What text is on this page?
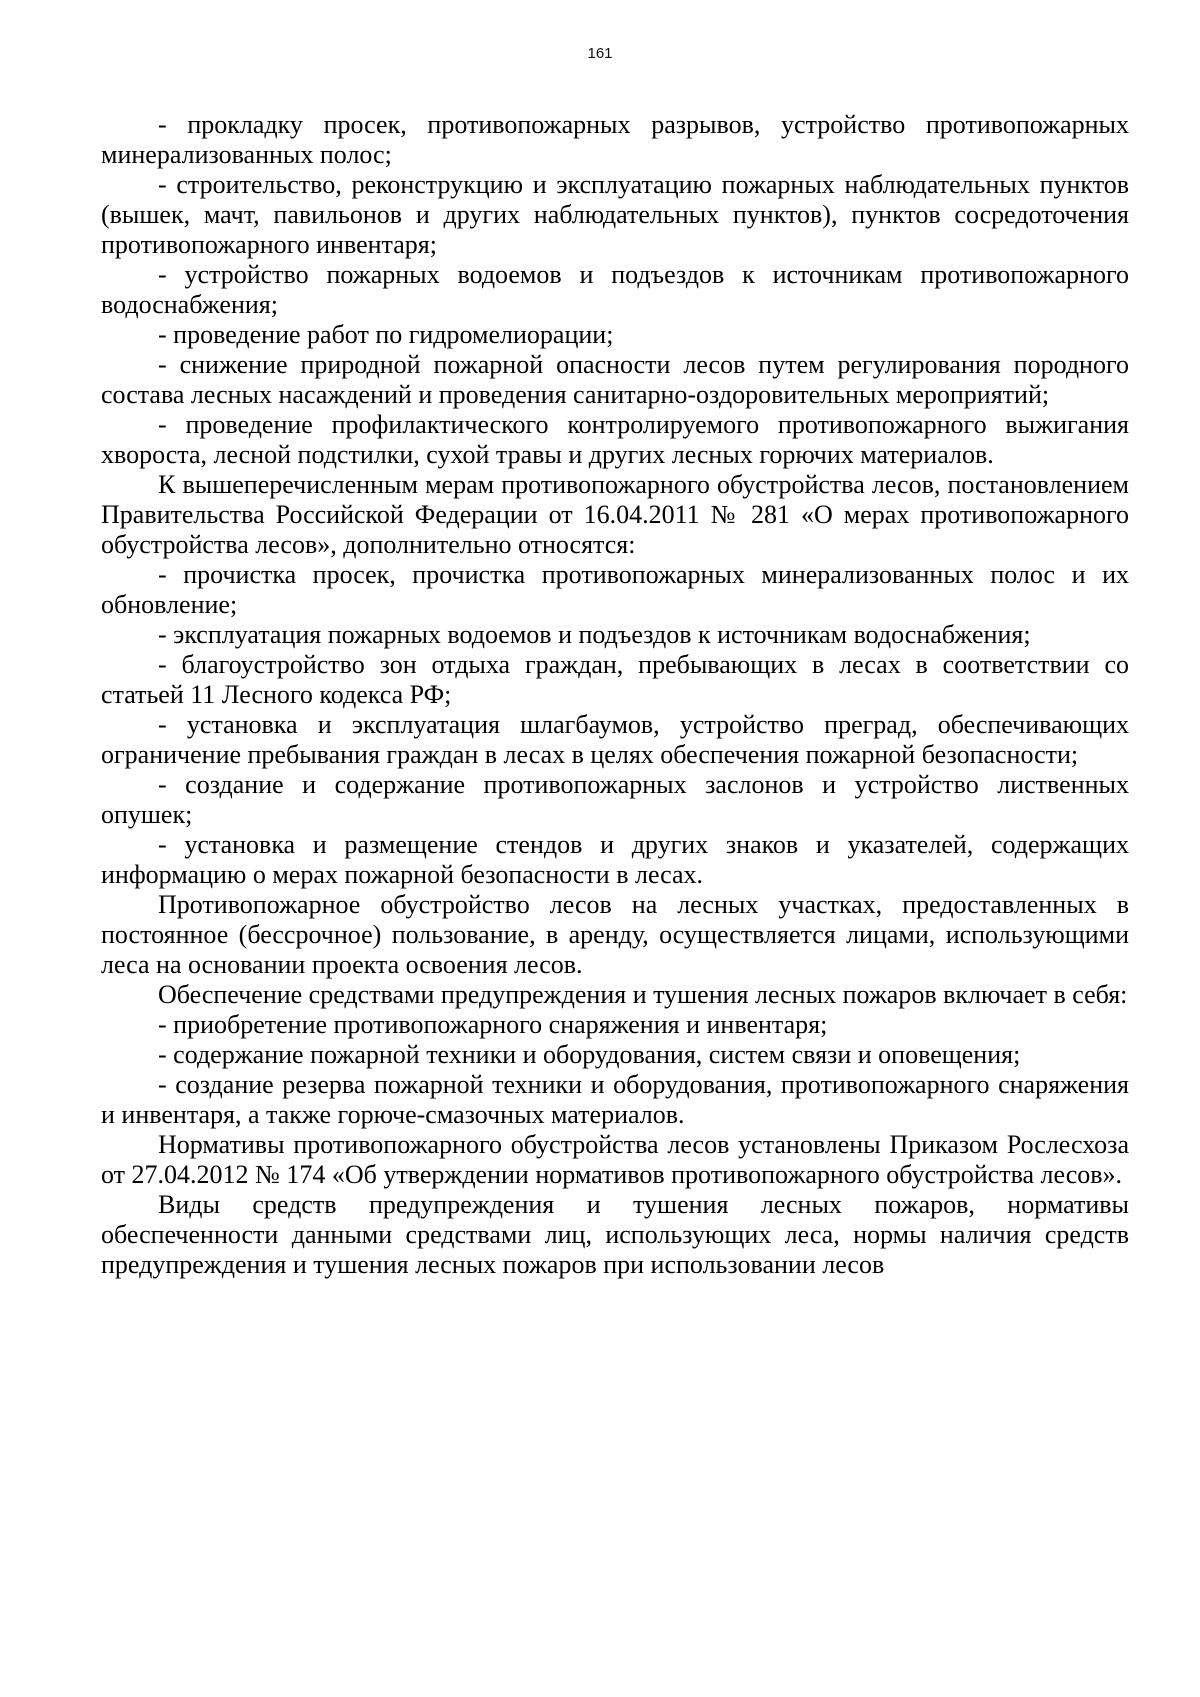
161

- прокладку просек, противопожарных разрывов, устройство противопожарных минерализованных полос;

- строительство, реконструкцию и эксплуатацию пожарных наблюдательных пунктов (вышек, мачт, павильонов и других наблюдательных пунктов), пунктов сосредоточения противопожарного инвентаря;

- устройство пожарных водоемов и подъездов к источникам противопожарного водоснабжения;

- проведение работ по гидромелиорации;

- снижение природной пожарной опасности лесов путем регулирования породного состава лесных насаждений и проведения санитарно-оздоровительных мероприятий;

- проведение профилактического контролируемого противопожарного выжигания хвороста, лесной подстилки, сухой травы и других лесных горючих материалов.

К вышеперечисленным мерам противопожарного обустройства лесов, постановлением Правительства Российской Федерации от 16.04.2011 № 281 «О мерах противопожарного обустройства лесов», дополнительно относятся:

- прочистка просек, прочистка противопожарных минерализованных полос и их обновление;

- эксплуатация пожарных водоемов и подъездов к источникам водоснабжения;

- благоустройство зон отдыха граждан, пребывающих в лесах в соответствии со статьей 11 Лесного кодекса РФ;

- установка и эксплуатация шлагбаумов, устройство преград, обеспечивающих ограничение пребывания граждан в лесах в целях обеспечения пожарной безопасности;

- создание и содержание противопожарных заслонов и устройство лиственных опушек;

- установка и размещение стендов и других знаков и указателей, содержащих информацию о мерах пожарной безопасности в лесах.

Противопожарное обустройство лесов на лесных участках, предоставленных в постоянное (бессрочное) пользование, в аренду, осуществляется лицами, использующими леса на основании проекта освоения лесов.

Обеспечение средствами предупреждения и тушения лесных пожаров включает в себя:

- приобретение противопожарного снаряжения и инвентаря;

- содержание пожарной техники и оборудования, систем связи и оповещения;

- создание резерва пожарной техники и оборудования, противопожарного снаряжения и инвентаря, а также горюче-смазочных материалов.

Нормативы противопожарного обустройства лесов установлены Приказом Рослесхоза от 27.04.2012 № 174 «Об утверждении нормативов противопожарного обустройства лесов».

Виды средств предупреждения и тушения лесных пожаров, нормативы обеспеченности данными средствами лиц, использующих леса, нормы наличия средств предупреждения и тушения лесных пожаров при использовании лесов
